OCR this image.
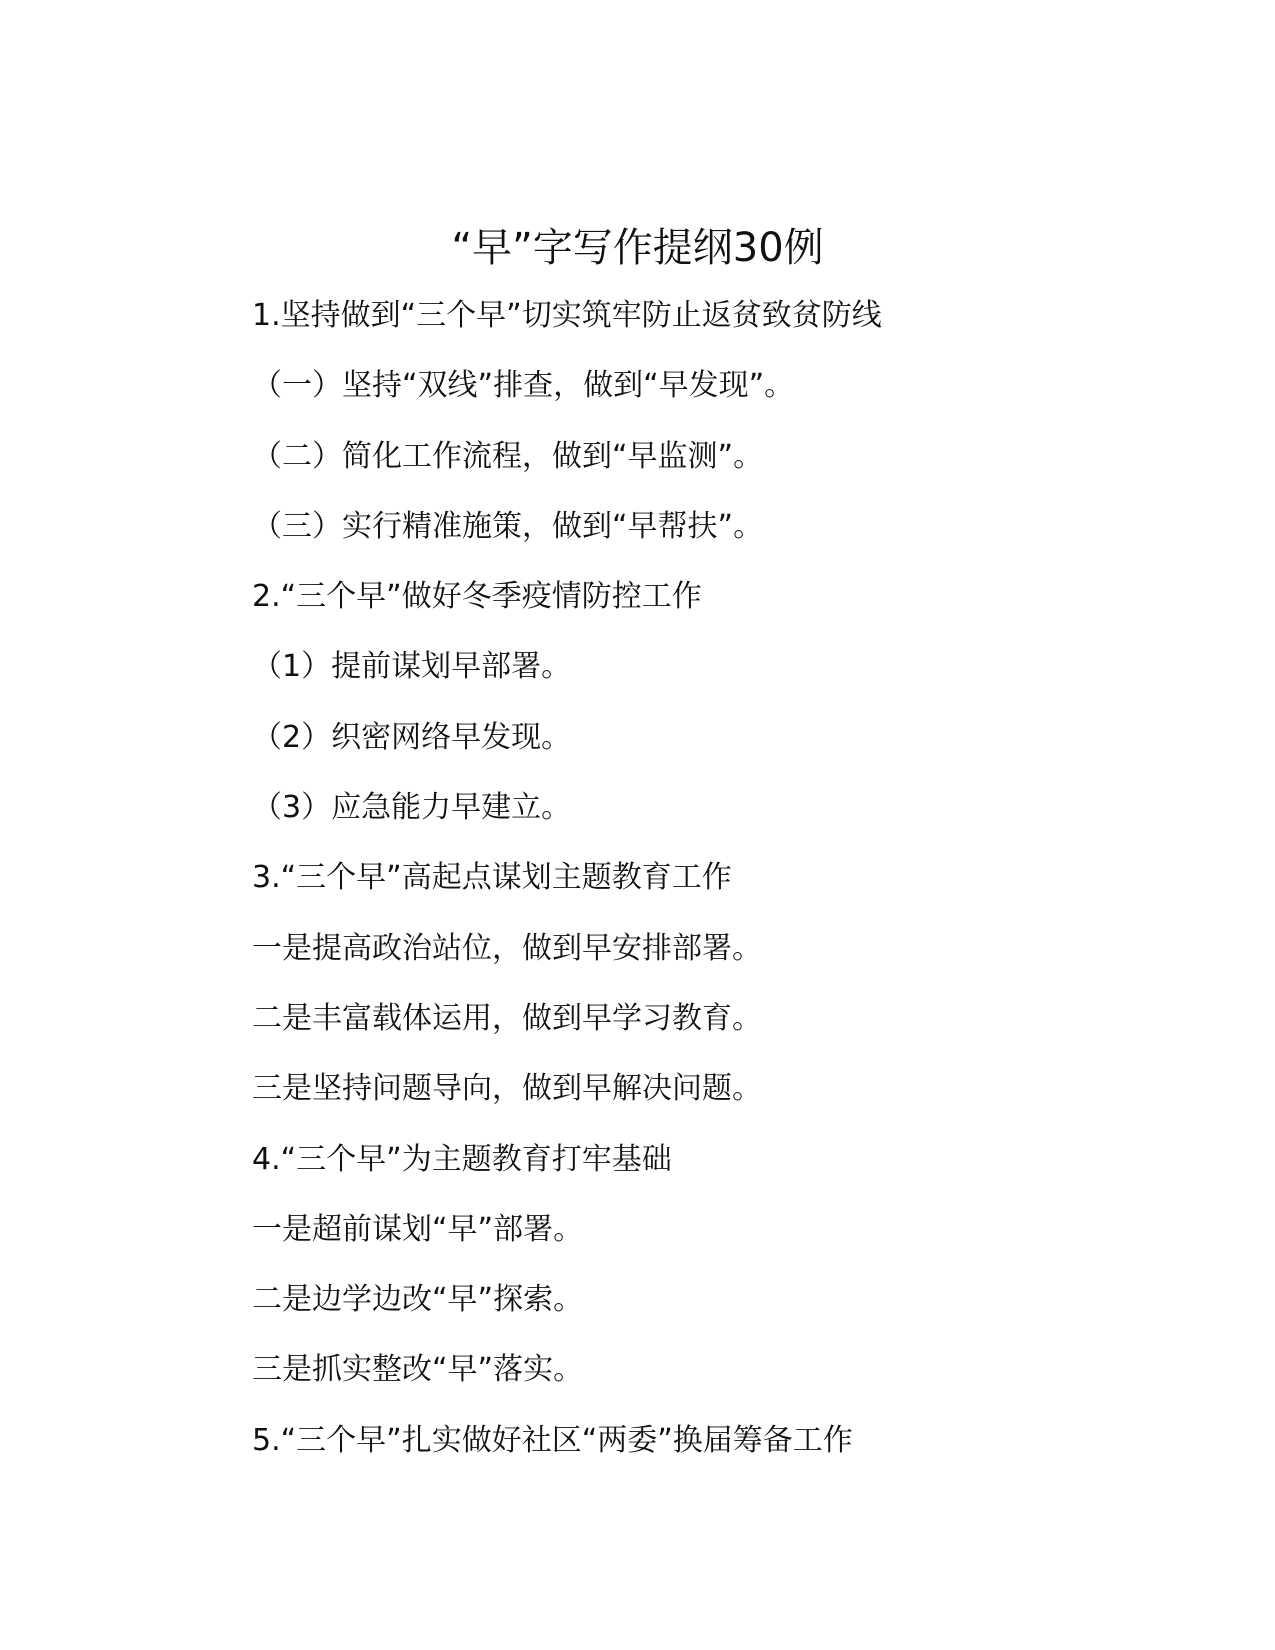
“早”字写作提纲30例
1.坚持做到“三个早”切实筑牢防止返贫致贫防线
（一）坚持“双线”排查，做到“早发现”。
（二）简化工作流程，做到“早监测”。
（三）实行精准施策，做到“早帮扶”。
2.“三个早”做好冬季疫情防控工作
（1）提前谋划早部署。
（2）织密网络早发现。
（3）应急能力早建立。
3.“三个早”高起点谋划主题教育工作
一是提高政治站位，做到早安排部署。
二是丰富载体运用，做到早学习教育。
三是坚持问题导向，做到早解决问题。
4.“三个早”为主题教育打牢基础
一是超前谋划“早”部署。
二是边学边改“早”探索。
三是抓实整改“早”落实。
5.“三个早”扎实做好社区“两委”换届筹备工作
